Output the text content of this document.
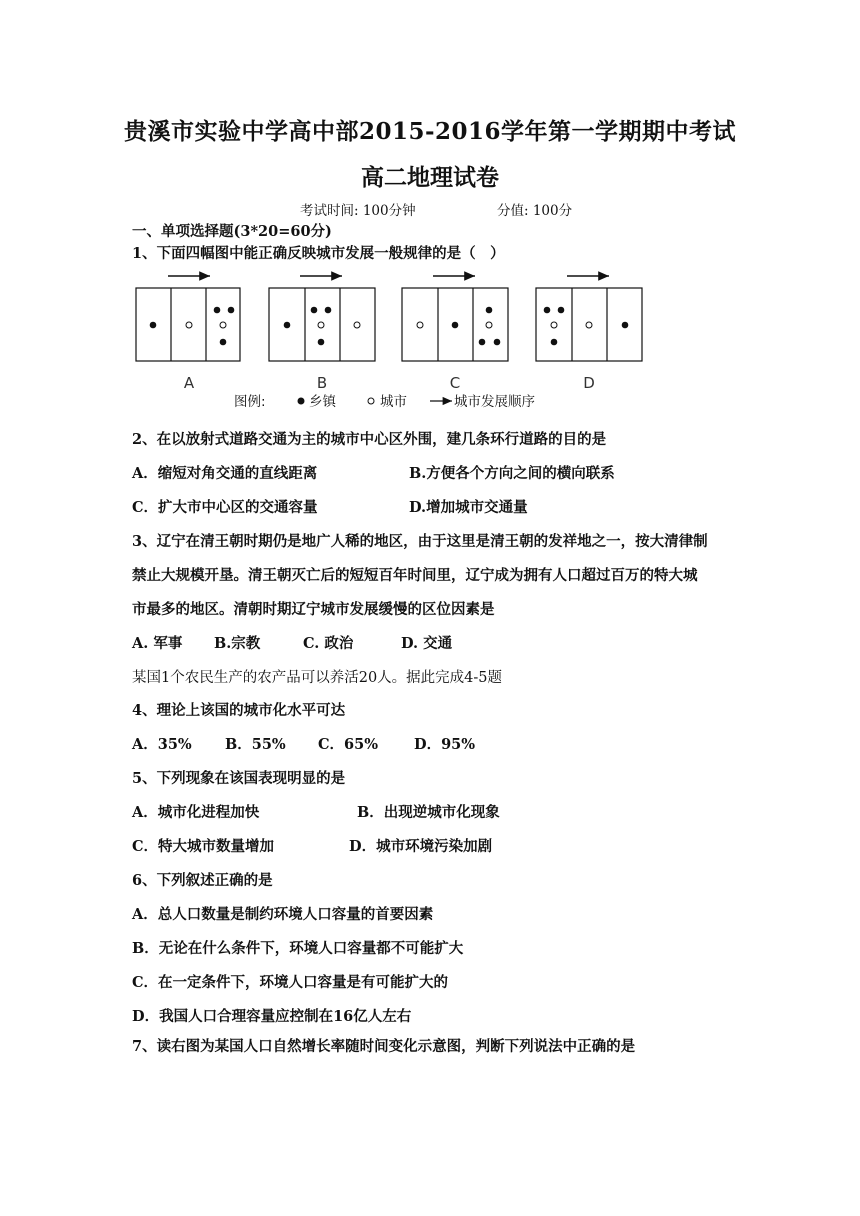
贵溪市实验中学高中部2015-2016学年第一学期期中考试
高二地理试卷
考试时间: 100分钟	分值: 100分
一、单项选择题(3*20=60分)
1、下面四幅图中能正确反映城市发展一般规律的是（　）
A	B	C	D
图例:	乡镇	城市	城市发展顺序
2、在以放射式道路交通为主的城市中心区外围，建几条环行道路的目的是
A．缩短对角交通的直线距离	B.方便各个方向之间的横向联系
C．扩大市中心区的交通容量	D.增加城市交通量
3、辽宁在清王朝时期仍是地广人稀的地区，由于这里是清王朝的发祥地之一，按大清律制
禁止大规模开垦。清王朝灭亡后的短短百年时间里，辽宁成为拥有人口超过百万的特大城
市最多的地区。清朝时期辽宁城市发展缓慢的区位因素是
A. 军事 B.宗教	C. 政治	D. 交通
某国1个农民生产的农产品可以养活20人。据此完成4-5题
4、理论上该国的城市化水平可达
A．35% B．55% C．65% D．95%
5、下列现象在该国表现明显的是
A．城市化进程加快	B．出现逆城市化现象
C．特大城市数量增加	D．城市环境污染加剧
6、下列叙述正确的是
A．总人口数量是制约环境人口容量的首要因素
B．无论在什么条件下，环境人口容量都不可能扩大
C．在一定条件下，环境人口容量是有可能扩大的
D．我国人口合理容量应控制在16亿人左右
7、读右图为某国人口自然增长率随时间变化示意图，判断下列说法中正确的是
